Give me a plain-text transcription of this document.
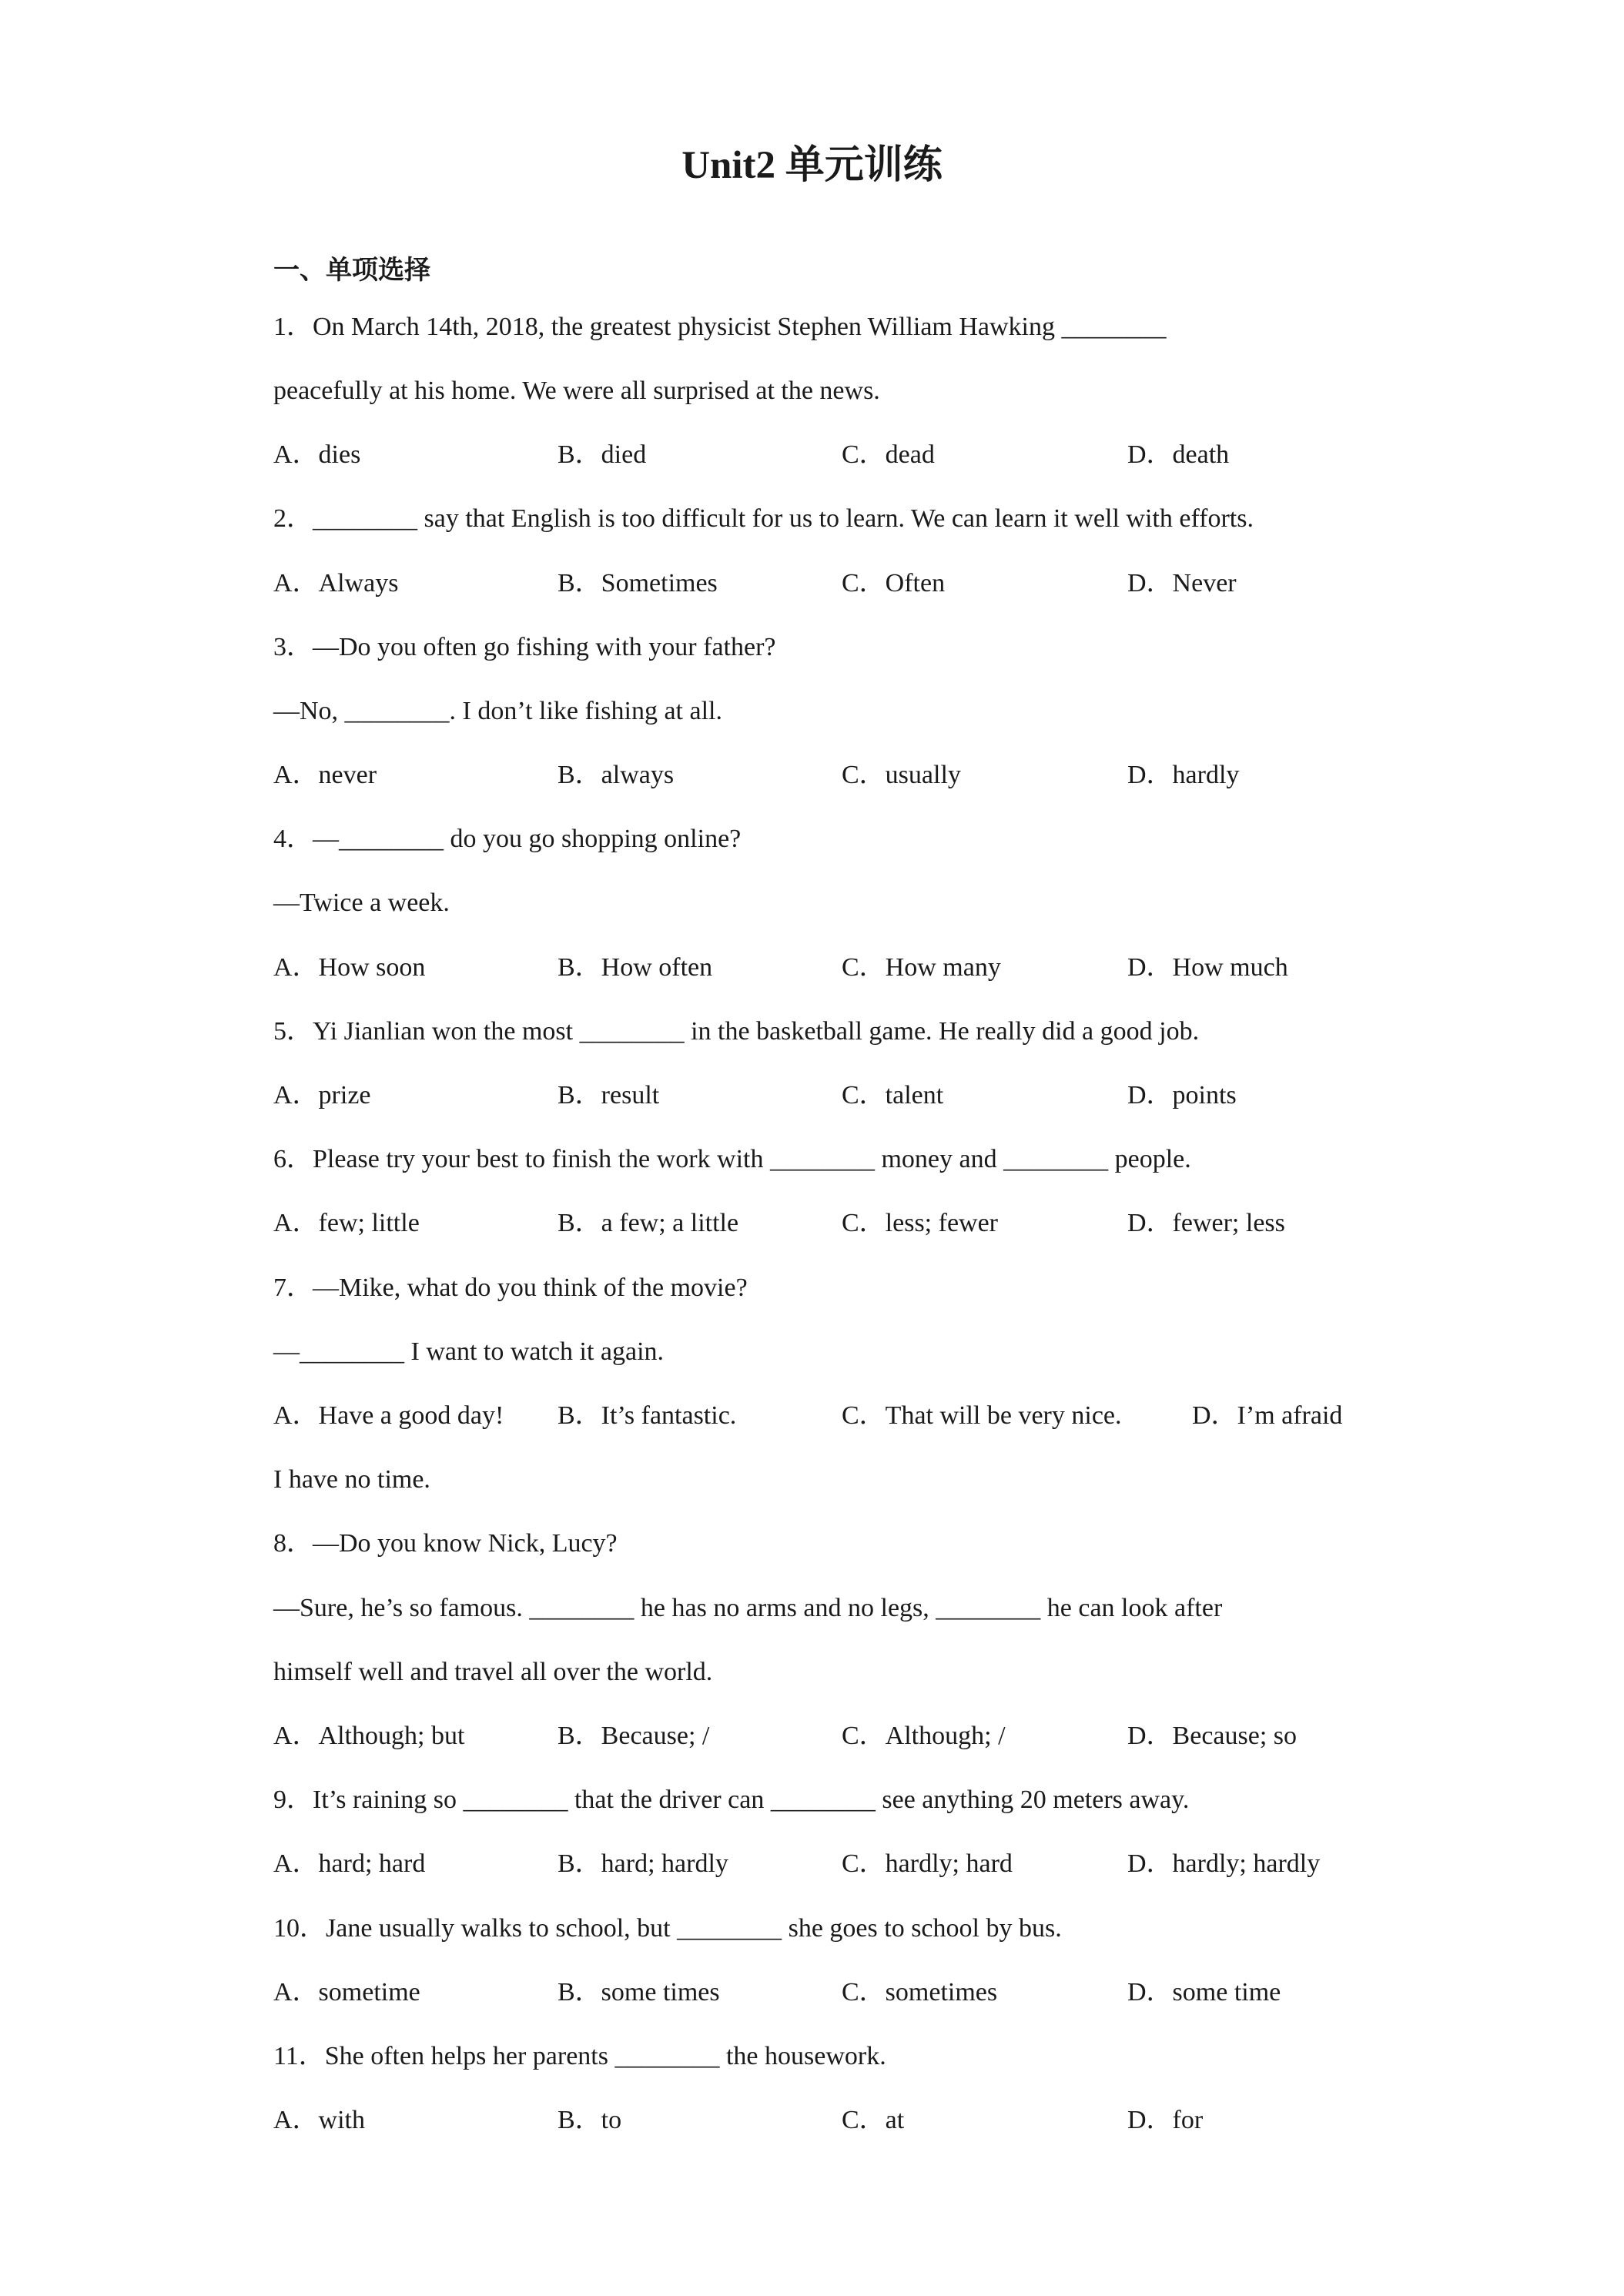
Unit2 单元训练
一、单项选择
1．On March 14th, 2018, the greatest physicist Stephen William Hawking ________
peacefully at his home. We were all surprised at the news.
A．dies	B．died	C．dead	D．death
2．________ say that English is too difficult for us to learn. We can learn it well with efforts.
A．Always	B．Sometimes	C．Often	D．Never
3．—Do you often go fishing with your father?
—No, ________. I don’t like fishing at all.
A．never	B．always	C．usually	D．hardly
4．—________ do you go shopping online?
—Twice a week.
A．How soon	B．How often	C．How many	D．How much
5．Yi Jianlian won the most ________ in the basketball game. He really did a good job.
A．prize	B．result	C．talent	D．points
6．Please try your best to finish the work with ________ money and ________ people.
A．few; little	B．a few; a little	C．less; fewer	D．fewer; less
7．—Mike, what do you think of the movie?
—________ I want to watch it again.
A．Have a good day! B．It’s fantastic.	C．That will be very nice.	D．I’m afraid
I have no time.
8．—Do you know Nick, Lucy?
—Sure, he’s so famous. ________ he has no arms and no legs, ________ he can look after
himself well and travel all over the world.
A．Although; but	B．Because; /	C．Although; /	D．Because; so
9．It’s raining so ________ that the driver can ________ see anything 20 meters away.
A．hard; hard	B．hard; hardly	C．hardly; hard	D．hardly; hardly
10．Jane usually walks to school, but ________ she goes to school by bus.
A．sometime	B．some times	C．sometimes	D．some time
11．She often helps her parents ________ the housework.
A．with	B．to	C．at	D．for
